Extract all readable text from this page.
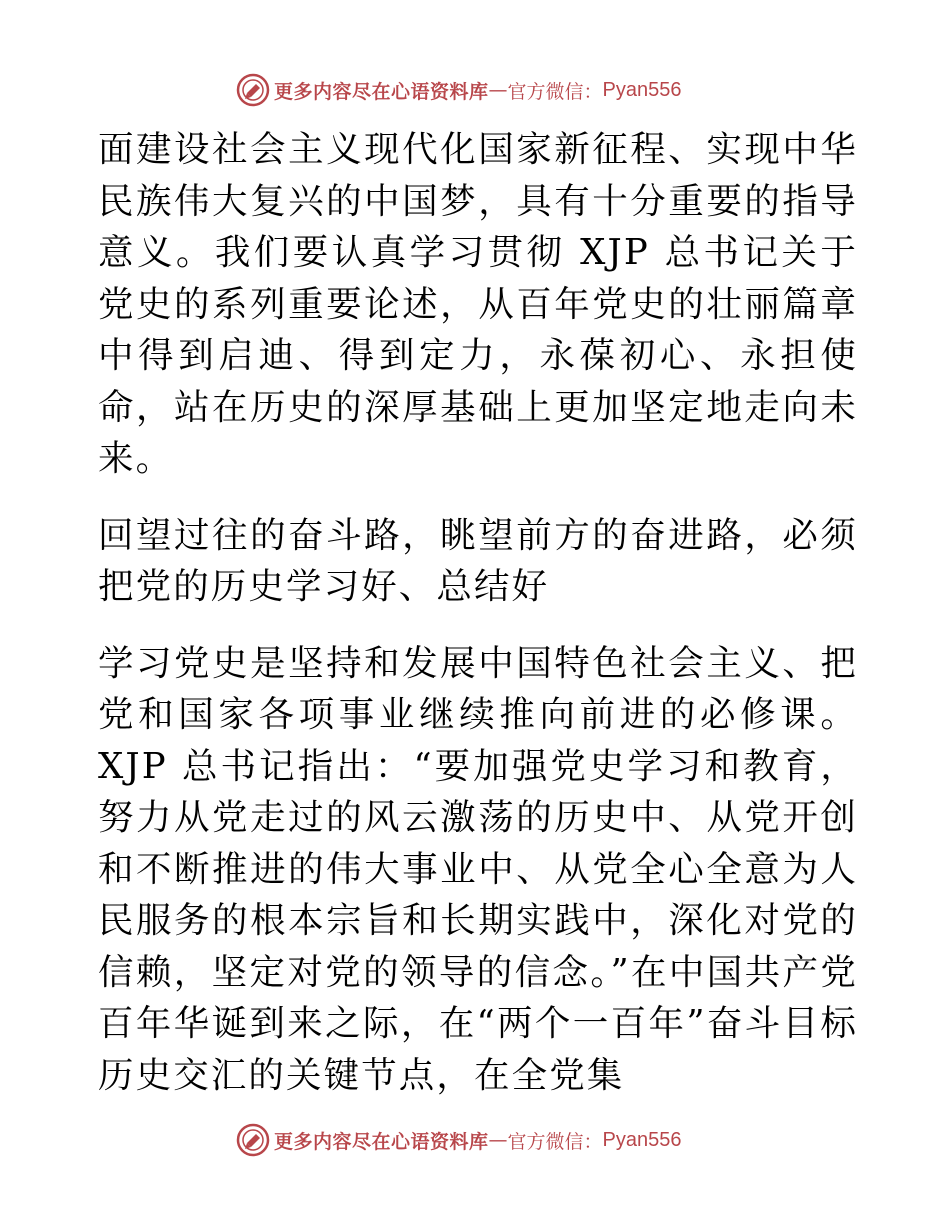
更多内容尽在心语资料库 — 官方微信： Pyan556

面建设社会主义现代化国家新征程、实现中华民族伟大复兴的中国梦，具有十分重要的指导意义。我们要认真学习贯彻 XJP 总书记关于党史的系列重要论述，从百年党史的壮丽篇章中得到启迪、得到定力，永葆初心、永担使命，站在历史的深厚基础上更加坚定地走向未来。

回望过往的奋斗路，眺望前方的奋进路，必须把党的历史学习好、总结好

学习党史是坚持和发展中国特色社会主义、把党和国家各项事业继续推向前进的必修课。XJP 总书记指出：“要加强党史学习和教育，努力从党走过的风云激荡的历史中、从党开创和不断推进的伟大事业中、从党全心全意为人民服务的根本宗旨和长期实践中，深化对党的信赖，坚定对党的领导的信念。”在中国共产党百年华诞到来之际，在“两个一百年”奋斗目标历史交汇的关键节点，在全党集

更多内容尽在心语资料库 — 官方微信： Pyan556
